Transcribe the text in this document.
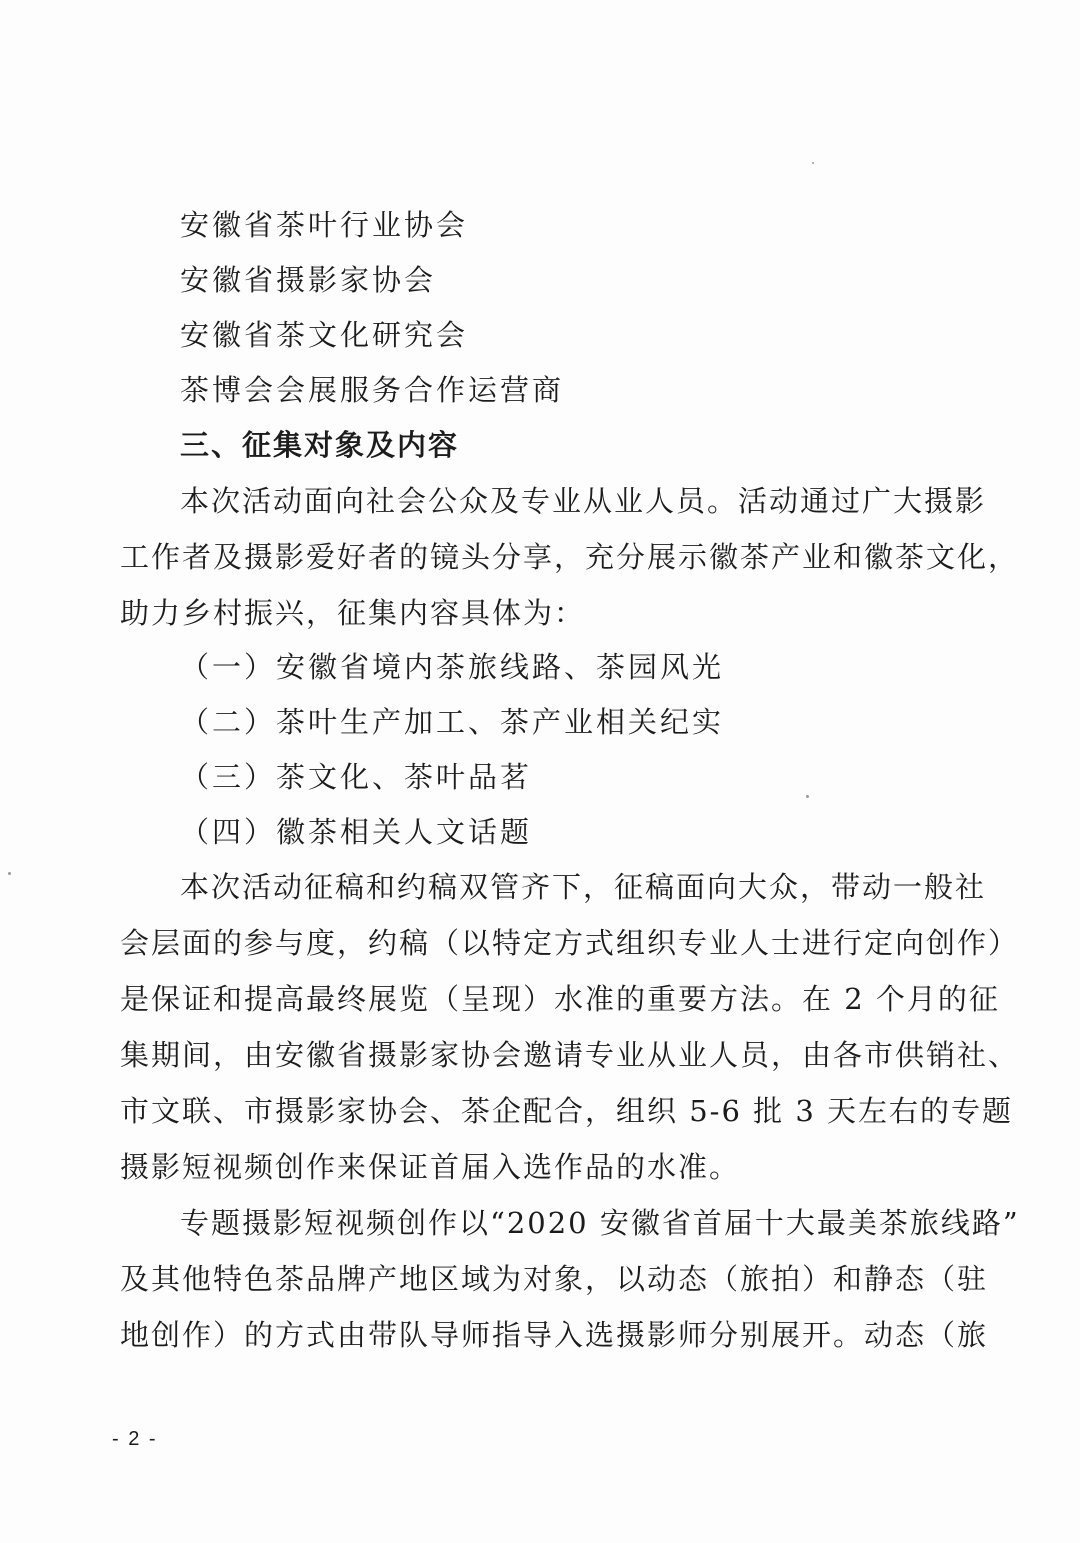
安徽省茶叶行业协会
安徽省摄影家协会
安徽省茶文化研究会
茶博会会展服务合作运营商
三、征集对象及内容
本次活动面向社会公众及专业从业人员。活动通过广大摄影
工作者及摄影爱好者的镜头分享，充分展示徽茶产业和徽茶文化，
助力乡村振兴，征集内容具体为：
（一）安徽省境内茶旅线路、茶园风光
（二）茶叶生产加工、茶产业相关纪实
（三）茶文化、茶叶品茗
（四）徽茶相关人文话题
本次活动征稿和约稿双管齐下，征稿面向大众，带动一般社
会层面的参与度，约稿（以特定方式组织专业人士进行定向创作）
是保证和提高最终展览（呈现）水准的重要方法。在 2 个月的征
集期间，由安徽省摄影家协会邀请专业从业人员，由各市供销社、
市文联、市摄影家协会、茶企配合，组织 5-6 批 3 天左右的专题
摄影短视频创作来保证首届入选作品的水准。
专题摄影短视频创作以“2020 安徽省首届十大最美茶旅线路”
及其他特色茶品牌产地区域为对象，以动态（旅拍）和静态（驻
地创作）的方式由带队导师指导入选摄影师分别展开。动态（旅
- 2 -
